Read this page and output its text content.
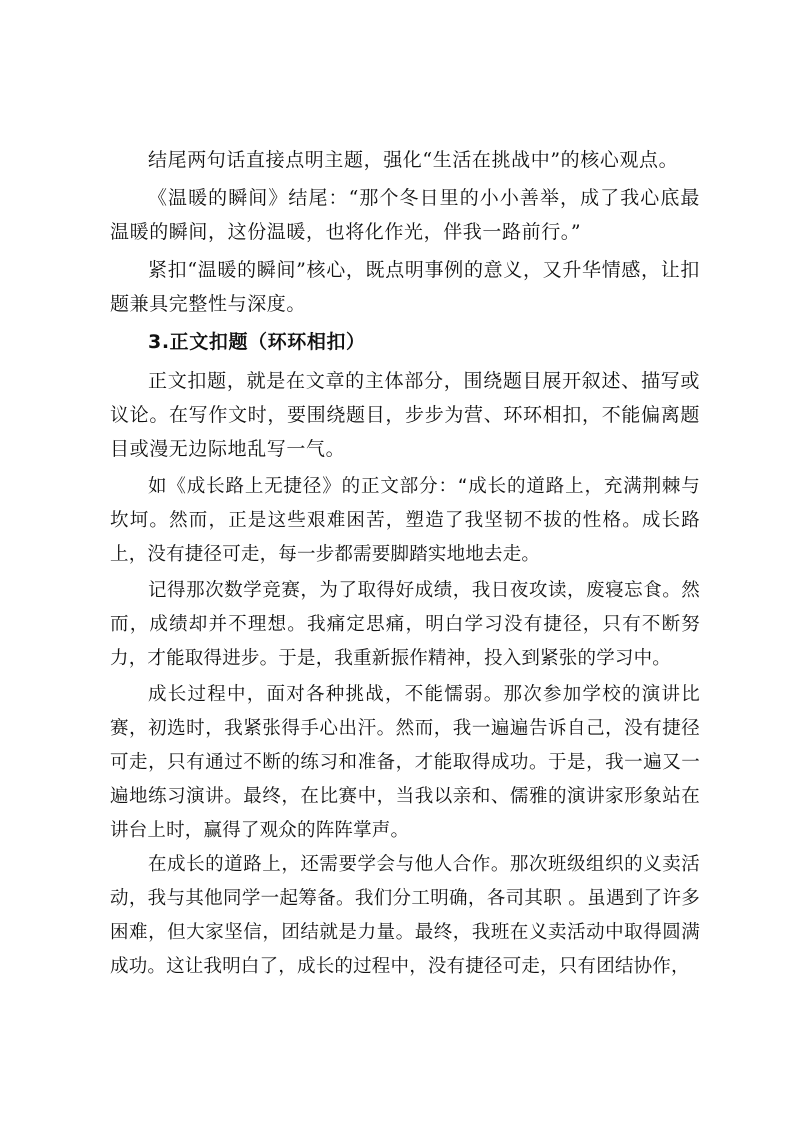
结尾两句话直接点明主题，强化“生活在挑战中”的核心观点。

《温暖的瞬间》结尾：“那个冬日里的小小善举，成了我心底最温暖的瞬间，这份温暖，也将化作光，伴我一路前行。”

紧扣“温暖的瞬间”核心，既点明事例的意义，又升华情感，让扣题兼具完整性与深度。

3.正文扣题（环环相扣）

正文扣题，就是在文章的主体部分，围绕题目展开叙述、描写或议论。在写作文时，要围绕题目，步步为营、环环相扣，不能偏离题目或漫无边际地乱写一气。

如《成长路上无捷径》的正文部分：“成长的道路上，充满荆棘与坎坷。然而，正是这些艰难困苦，塑造了我坚韧不拔的性格。成长路上，没有捷径可走，每一步都需要脚踏实地地去走。

记得那次数学竞赛，为了取得好成绩，我日夜攻读，废寝忘食。然而，成绩却并不理想。我痛定思痛，明白学习没有捷径，只有不断努力，才能取得进步。于是，我重新振作精神，投入到紧张的学习中。

成长过程中，面对各种挑战，不能懦弱。那次参加学校的演讲比赛，初选时，我紧张得手心出汗。然而，我一遍遍告诉自己，没有捷径可走，只有通过不断的练习和准备，才能取得成功。于是，我一遍又一遍地练习演讲。最终，在比赛中，当我以亲和、儒雅的演讲家形象站在讲台上时，赢得了观众的阵阵掌声。

在成长的道路上，还需要学会与他人合作。那次班级组织的义卖活动，我与其他同学一起筹备。我们分工明确，各司其职 。虽遇到了许多困难，但大家坚信，团结就是力量。最终，我班在义卖活动中取得圆满成功。这让我明白了，成长的过程中，没有捷径可走，只有团结协作，
